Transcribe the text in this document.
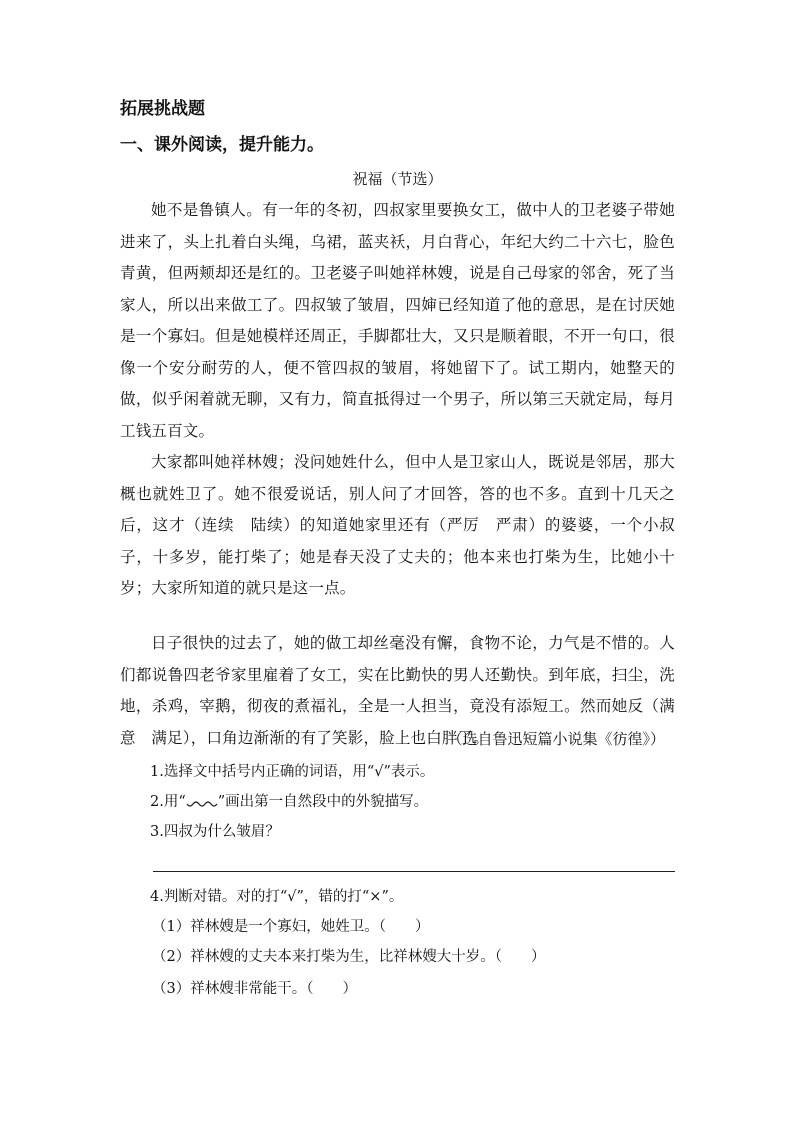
拓展挑战题
一、课外阅读，提升能力。
祝福（节选）
她不是鲁镇人。有一年的冬初，四叔家里要换女工，做中人的卫老婆子带她进来了，头上扎着白头绳，乌裙，蓝夹袄，月白背心，年纪大约二十六七，脸色青黄，但两颊却还是红的。卫老婆子叫她祥林嫂，说是自己母家的邻舍，死了当家人，所以出来做工了。四叔皱了皱眉，四婶已经知道了他的意思，是在讨厌她是一个寡妇。但是她模样还周正，手脚都壮大，又只是顺着眼，不开一句口，很像一个安分耐劳的人，便不管四叔的皱眉，将她留下了。试工期内，她整天的做，似乎闲着就无聊，又有力，简直抵得过一个男子，所以第三天就定局，每月工钱五百文。
大家都叫她祥林嫂；没问她姓什么，但中人是卫家山人，既说是邻居，那大概也就姓卫了。她不很爱说话，别人问了才回答，答的也不多。直到十几天之后，这才（连续　陆续）的知道她家里还有（严厉　严肃）的婆婆，一个小叔子，十多岁，能打柴了；她是春天没了丈夫的；他本来也打柴为生，比她小十岁；大家所知道的就只是这一点。
日子很快的过去了，她的做工却丝毫没有懈，食物不论，力气是不惜的。人们都说鲁四老爷家里雇着了女工，实在比勤快的男人还勤快。到年底，扫尘，洗地，杀鸡，宰鹅，彻夜的煮福礼，全是一人担当，竟没有添短工。然而她反（满意　满足），口角边渐渐的有了笑影，脸上也白胖了。
（选自鲁迅短篇小说集《彷徨》）
1.选择文中括号内正确的词语，用“√”表示。
2.用“ ”画出第一自然段中的外貌描写。
3.四叔为什么皱眉？
4.判断对错。对的打“√”，错的打“×”。
（1）祥林嫂是一个寡妇，她姓卫。（　　）
（2）祥林嫂的丈夫本来打柴为生，比祥林嫂大十岁。（　　）
（3）祥林嫂非常能干。（　　）
